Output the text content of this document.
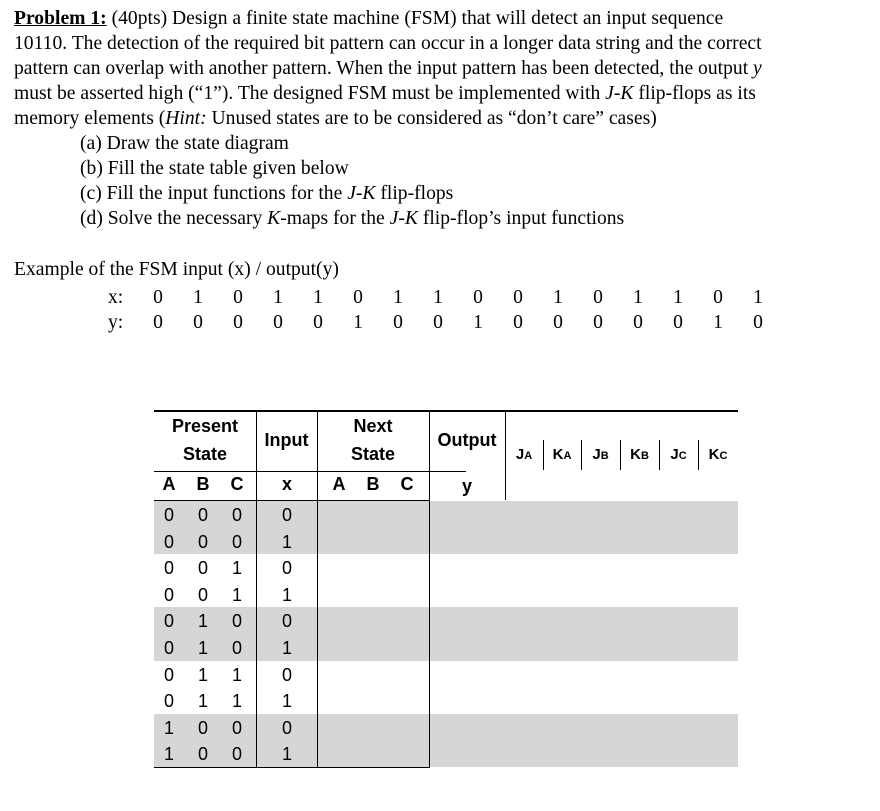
Problem 1: (40pts) Design a finite state machine (FSM) that will detect an input sequence
10110. The detection of the required bit pattern can occur in a longer data string and the correct
pattern can overlap with another pattern. When the input pattern has been detected, the output y
must be asserted high (“1”). The designed FSM must be implemented with J-K flip-flops as its
memory elements (Hint: Unused states are to be considered as “don’t care” cases)
(a) Draw the state diagram
(b) Fill the state table given below
(c) Fill the input functions for the J-K flip-flops
(d) Solve the necessary K-maps for the J-K flip-flop’s input functions
Example of the FSM input (x) / output(y)
x:
y:
0 1 0 1 1 0 1 1 0 0 1 0 1 1 0 1
0 0 0 0 0 1 0 0 1 0 0 0 0 0 1 0
0	0	0	0
0	0	0	1
0	0	1	0
0	0	1	1
0	1	0	0
0	1	0	1
0	1	1	0
0	1	1	1
1	0	0	0
1	0	0	1
Present
State
Input
Next
State
Output
JA	KA	JB	KB	JC	KC
A B C	x	A B C	y
